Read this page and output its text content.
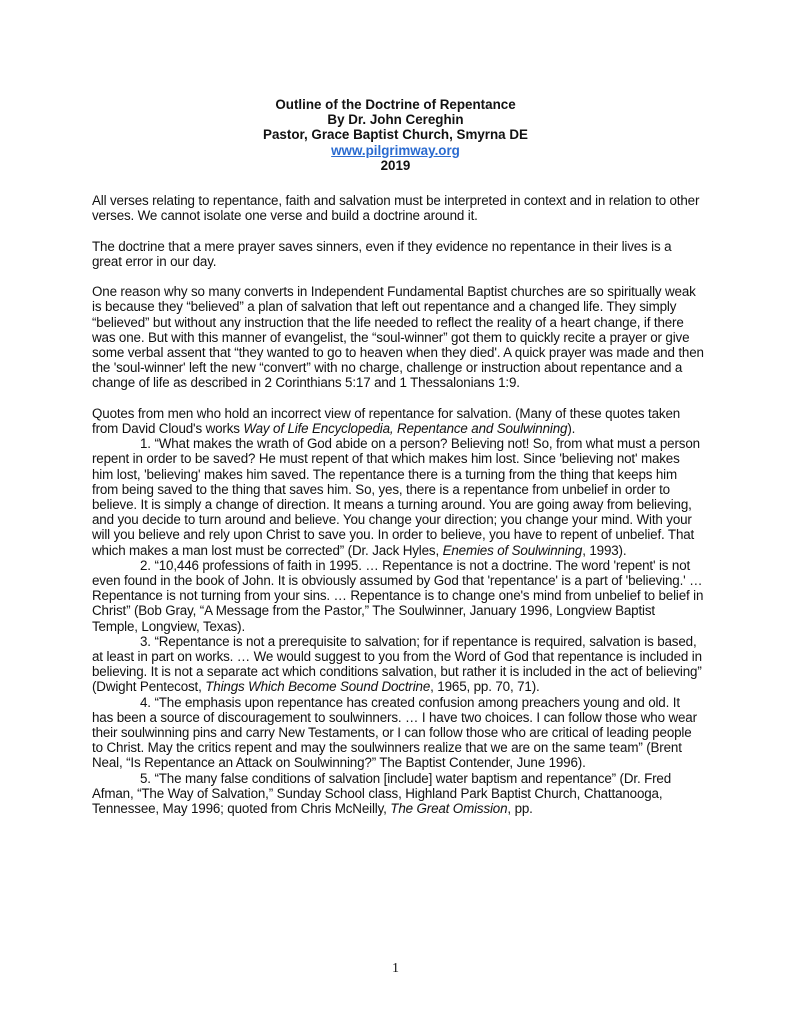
Outline of the Doctrine of Repentance
By Dr. John Cereghin
Pastor, Grace Baptist Church, Smyrna DE
www.pilgrimway.org
2019

All verses relating to repentance, faith and salvation must be interpreted in context and in relation to other verses. We cannot isolate one verse and build a doctrine around it.

The doctrine that a mere prayer saves sinners, even if they evidence no repentance in their lives is a great error in our day.

One reason why so many converts in Independent Fundamental Baptist churches are so spiritually weak is because they “believed” a plan of salvation that left out repentance and a changed life. They simply “believed” but without any instruction that the life needed to reflect the reality of a heart change, if there was one. But with this manner of evangelist, the “soul-winner” got them to quickly recite a prayer or give some verbal assent that “they wanted to go to heaven when they died'. A quick prayer was made and then the 'soul-winner' left the new “convert” with no charge, challenge or instruction about repentance and a change of life as described in 2 Corinthians 5:17 and 1 Thessalonians 1:9.

Quotes from men who hold an incorrect view of repentance for salvation. (Many of these quotes taken from David Cloud's works Way of Life Encyclopedia, Repentance and Soulwinning).

1. “What makes the wrath of God abide on a person? Believing not! So, from what must a person repent in order to be saved? He must repent of that which makes him lost. Since 'believing not' makes him lost, 'believing' makes him saved. The repentance there is a turning from the thing that keeps him from being saved to the thing that saves him. So, yes, there is a repentance from unbelief in order to believe. It is simply a change of direction. It means a turning around. You are going away from believing, and you decide to turn around and believe. You change your direction; you change your mind. With your will you believe and rely upon Christ to save you. In order to believe, you have to repent of unbelief. That which makes a man lost must be corrected” (Dr. Jack Hyles, Enemies of Soulwinning, 1993).

2. “10,446 professions of faith in 1995. … Repentance is not a doctrine. The word 'repent' is not even found in the book of John. It is obviously assumed by God that 'repentance' is a part of 'believing.' … Repentance is not turning from your sins. … Repentance is to change one's mind from unbelief to belief in Christ” (Bob Gray, “A Message from the Pastor,” The Soulwinner, January 1996, Longview Baptist Temple, Longview, Texas).

3. “Repentance is not a prerequisite to salvation; for if repentance is required, salvation is based, at least in part on works. … We would suggest to you from the Word of God that repentance is included in believing. It is not a separate act which conditions salvation, but rather it is included in the act of believing” (Dwight Pentecost, Things Which Become Sound Doctrine, 1965, pp. 70, 71).

4. “The emphasis upon repentance has created confusion among preachers young and old. It has been a source of discouragement to soulwinners. … I have two choices. I can follow those who wear their soulwinning pins and carry New Testaments, or I can follow those who are critical of leading people to Christ. May the critics repent and may the soulwinners realize that we are on the same team” (Brent Neal, “Is Repentance an Attack on Soulwinning?” The Baptist Contender, June 1996).

5. “The many false conditions of salvation [include] water baptism and repentance” (Dr. Fred Afman, “The Way of Salvation,” Sunday School class, Highland Park Baptist Church, Chattanooga, Tennessee, May 1996; quoted from Chris McNeilly, The Great Omission, pp.

1
